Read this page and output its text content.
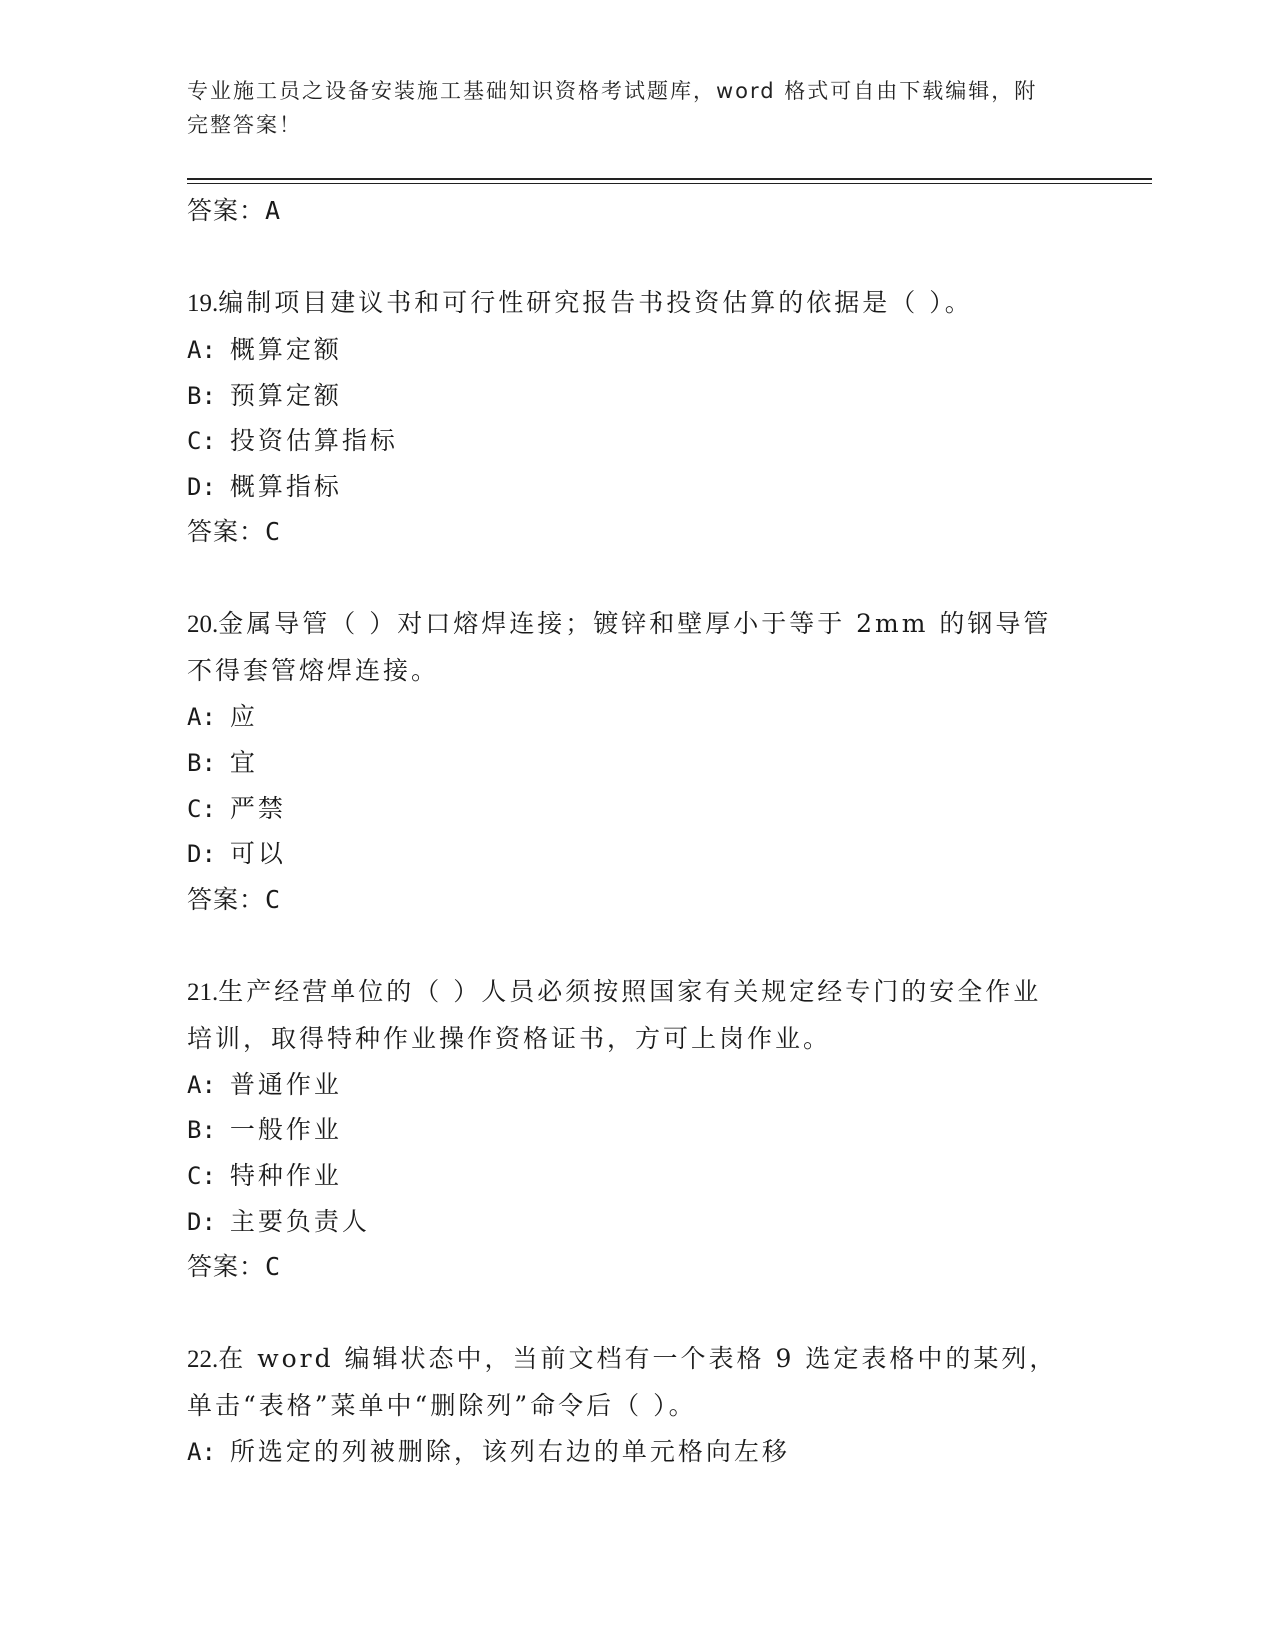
专业施工员之设备安装施工基础知识资格考试题库，word 格式可自由下载编辑，附完整答案！
答案：A
19.编制项目建议书和可行性研究报告书投资估算的依据是（ ）。
A: 概算定额
B: 预算定额
C: 投资估算指标
D: 概算指标
答案：C
20.金属导管（ ）对口熔焊连接；镀锌和壁厚小于等于 2mm 的钢导管不得套管熔焊连接。
A: 应
B: 宜
C: 严禁
D: 可以
答案：C
21.生产经营单位的（ ）人员必须按照国家有关规定经专门的安全作业培训，取得特种作业操作资格证书，方可上岗作业。
A: 普通作业
B: 一般作业
C: 特种作业
D: 主要负责人
答案：C
22.在 word 编辑状态中，当前文档有一个表格 9 选定表格中的某列，单击“表格”菜单中“删除列”命令后（ ）。
A: 所选定的列被删除，该列右边的单元格向左移
